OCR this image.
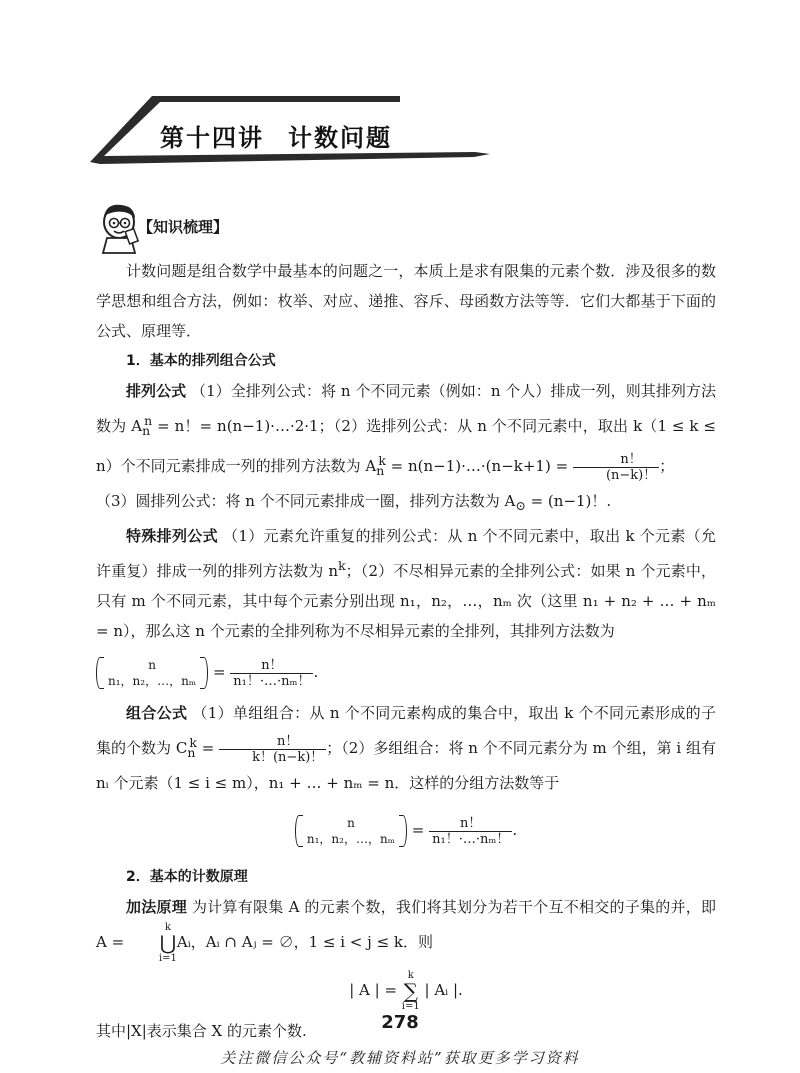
第十四讲 计数问题
【知识梳理】

计数问题是组合数学中最基本的问题之一，本质上是求有限集的元素个数．涉及很多的数学思想和组合方法，例如：枚举、对应、递推、容斥、母函数方法等等．它们大都基于下面的公式、原理等．

1．基本的排列组合公式

排列公式 （1）全排列公式：将 n 个不同元素（例如：n 个人）排成一列，则其排列方法数为 $A_n^n = n$！= n(n−1)·…·2·1；（2）选排列公式：从 n 个不同元素中，取出 k（1 ≤ k ≤ n）个不同元素排成一列的排列方法数为 $A_n^k$ = n(n−1)·…·(n−k+1) = $\frac{n!}{(n-k)!}$ ；

（3）圆排列公式：将 n 个不同元素排成一圈，排列方法数为 $A_⊙ = (n-1)$！.

特殊排列公式 （1）元素允许重复的排列公式：从 n 个不同元素中，取出 k 个元素（允许重复）排成一列的排列方法数为 $n^k$；（2）不尽相异元素的全排列公式：如果 n 个元素中，只有 m 个不同元素，其中每个元素分别出现 n₁，n₂，…，nₘ 次（这里 n₁ + n₂ + … + nₘ = n），那么这 n 个元素的全排列称为不尽相异元素的全排列，其排列方法数为

n
n₁，n₂，…，$n_m = \frac{n!}{\text{n₁！·…·nₘ！}}$ .

组合公式 （1）单组组合：从 n 个不同元素构成的集合中，取出 k 个不同元素形成的子集的个数为 $C_n^k = \frac{n!}{k!(n-k)!}$ ；（2）多组组合：将 n 个不同元素分为 m 个组，第 i 组有 nᵢ 个元素（1 ≤ i ≤ m），n₁ + … + nₘ = n．这样的分组方法数等于

n
n₁，n₂，…，$n_m = \frac{n!}{\text{n₁！·…·nₘ！}}$ .

2．基本的计数原理

加法原理 为计算有限集 A 的元素个数，我们将其划分为若干个互不相交的子集的并，即 A =
k
⋃
i=1
Aᵢ，Aᵢ ∩ Aⱼ = ∅，1 ≤ i < j ≤ k．则

| A | =
k
∑
i=1
| Aᵢ |.

其中|X|表示集合 X 的元素个数.	278
关注微信公众号“教辅资料站”获取更多学习资料
